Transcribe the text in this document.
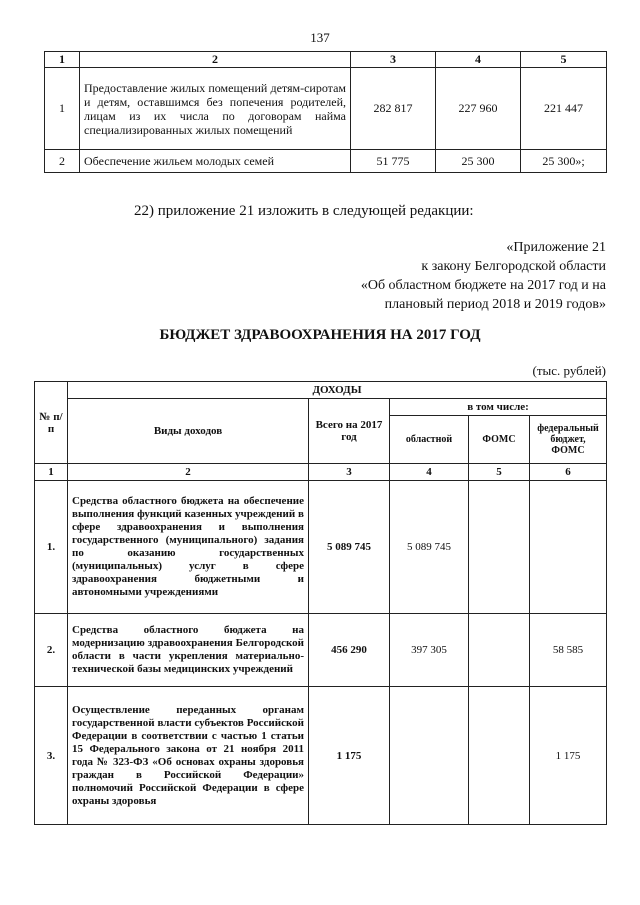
137
1	2	3	4	5
1	Предоставление жилых помещений детям-сиротам и детям, оставшимся без попечения родителей, лицам из их числа по договорам найма специализированных жилых помещений	282 817	227 960	221 447
2	Обеспечение жильем молодых семей	51 775	25 300	25 300»;
22) приложение 21 изложить в следующей редакции:
«Приложение 21
к закону Белгородской области
«Об областном бюджете на 2017 год и на
плановый период 2018 и 2019 годов»
БЮДЖЕТ ЗДРАВООХРАНЕНИЯ НА 2017 ГОД
(тыс. рублей)
№ п/п	ДОХОДЫ				
	Виды доходов	Всего на 2017 год	в том числе:		
			областной	ФОМС	федеральный бюджет, ФОМС
1	2	3	4	5	6
1.	Средства областного бюджета на обеспечение выполнения функций казенных учреждений в сфере здравоохранения и выполнения государственного (муниципального) задания по оказанию государственных (муниципальных) услуг в сфере здравоохранения бюджетными и автономными учреждениями	5 089 745	5 089 745		
2.	Средства областного бюджета на модернизацию здравоохранения Белгородской области в части укрепления материально-технической базы медицинских учреждений	456 290	397 305		58 585
3.	Осуществление переданных органам государственной власти субъектов Российской Федерации в соответствии с частью 1 статьи 15 Федерального закона от 21 ноября 2011 года № 323-ФЗ «Об основах охраны здоровья граждан в Российской Федерации» полномочий Российской Федерации в сфере охраны здоровья	1 175			1 175
